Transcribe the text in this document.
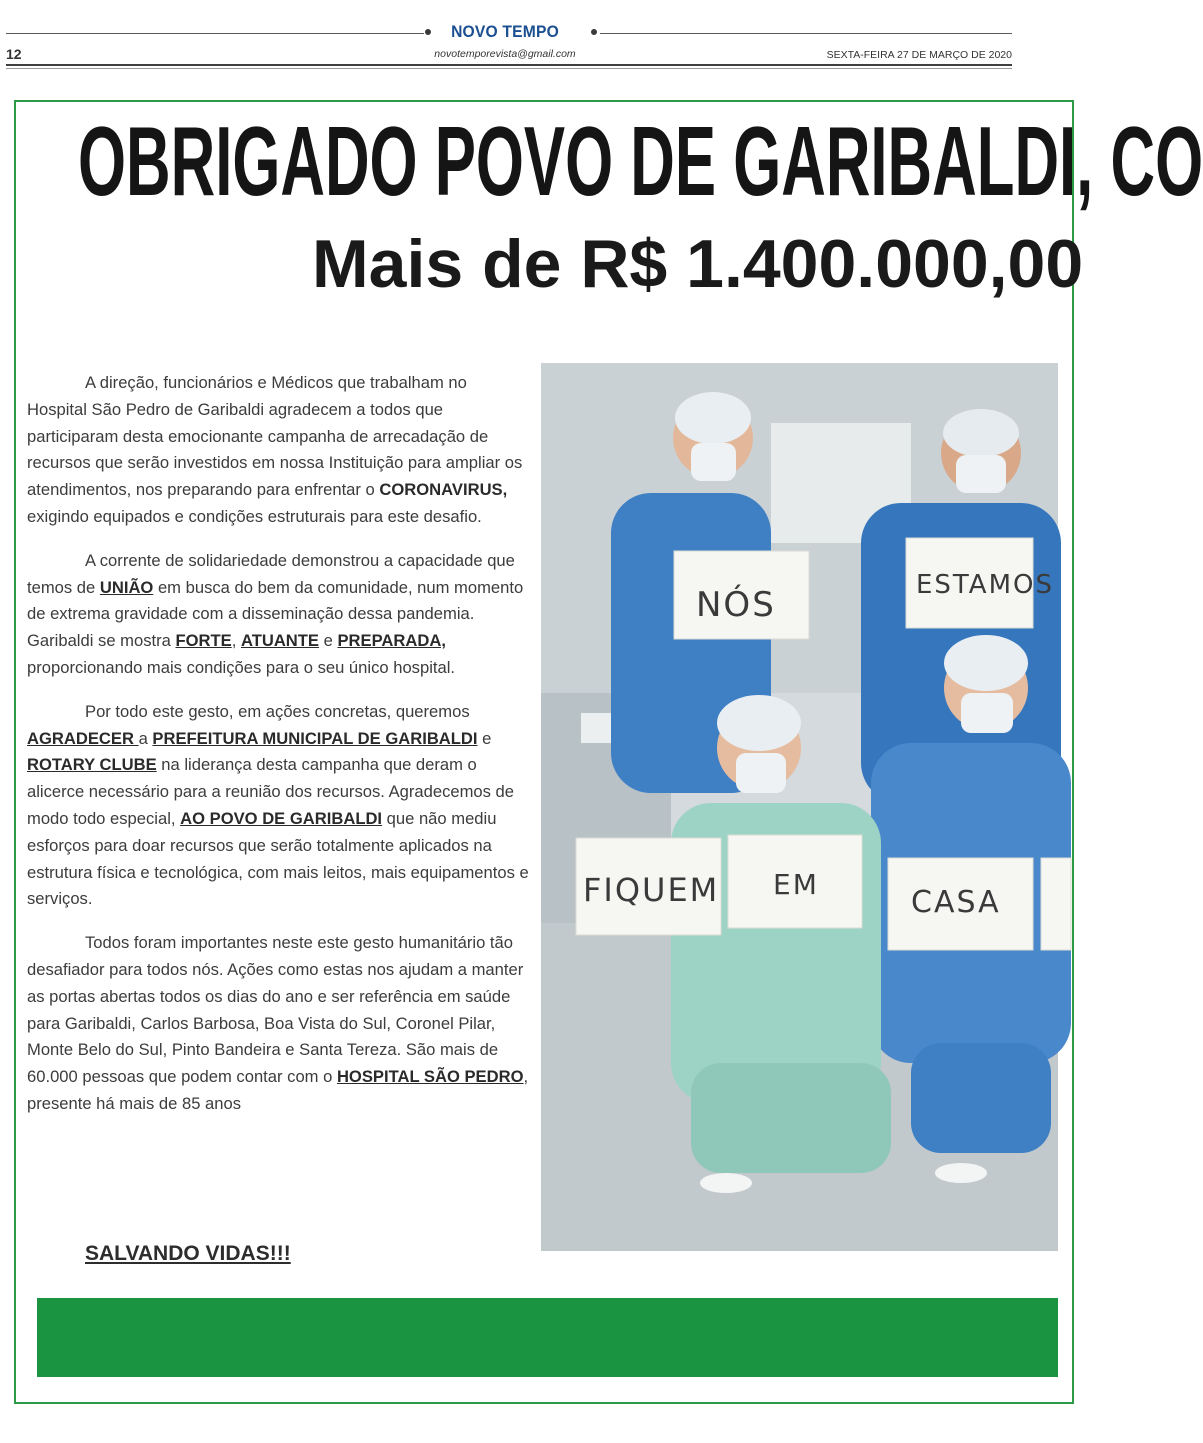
NOVO TEMPO
novotemporevista@gmail.com
12	SEXTA-FEIRA 27 DE MARÇO DE 2020
OBRIGADO POVO DE GARIBALDI, CO
Mais de R$ 1.400.000,00

A direção, funcionários e Médicos que trabalham no Hospital São Pedro de Garibaldi agradecem a todos que participaram desta emocionante campanha de arrecadação de recursos que serão investidos em nossa Instituição para ampliar os atendimentos, nos preparando para enfrentar o CORONAVIRUS, exigindo equipados e condições estruturais para este desafio.

A corrente de solidariedade demonstrou a capacidade que temos de UNIÃO em busca do bem da comunidade, num momento de extrema gravidade com a disseminação dessa pandemia. Garibaldi se mostra FORTE, ATUANTE e PREPARADA, proporcionando mais condições para o seu único hospital.

Por todo este gesto, em ações concretas, queremos AGRADECER a PREFEITURA MUNICIPAL DE GARIBALDI e ROTARY CLUBE na liderança desta campanha que deram o alicerce necessário para a reunião dos recursos. Agradecemos de modo todo especial, AO POVO DE GARIBALDI que não mediu esforços para doar recursos que serão totalmente aplicados na estrutura física e tecnológica, com mais leitos, mais equipamentos e serviços.

Todos foram importantes neste este gesto humanitário tão desafiador para todos nós. Ações como estas nos ajudam a manter as portas abertas todos os dias do ano e ser referência em saúde para Garibaldi, Carlos Barbosa, Boa Vista do Sul, Coronel Pilar, Monte Belo do Sul, Pinto Bandeira e Santa Tereza. São mais de 60.000 pessoas que podem contar com o HOSPITAL SÃO PEDRO, presente há mais de 85 anos

SALVANDO VIDAS!!!
NÓS	ESTAMOS
FIQUEM EM
CASA
